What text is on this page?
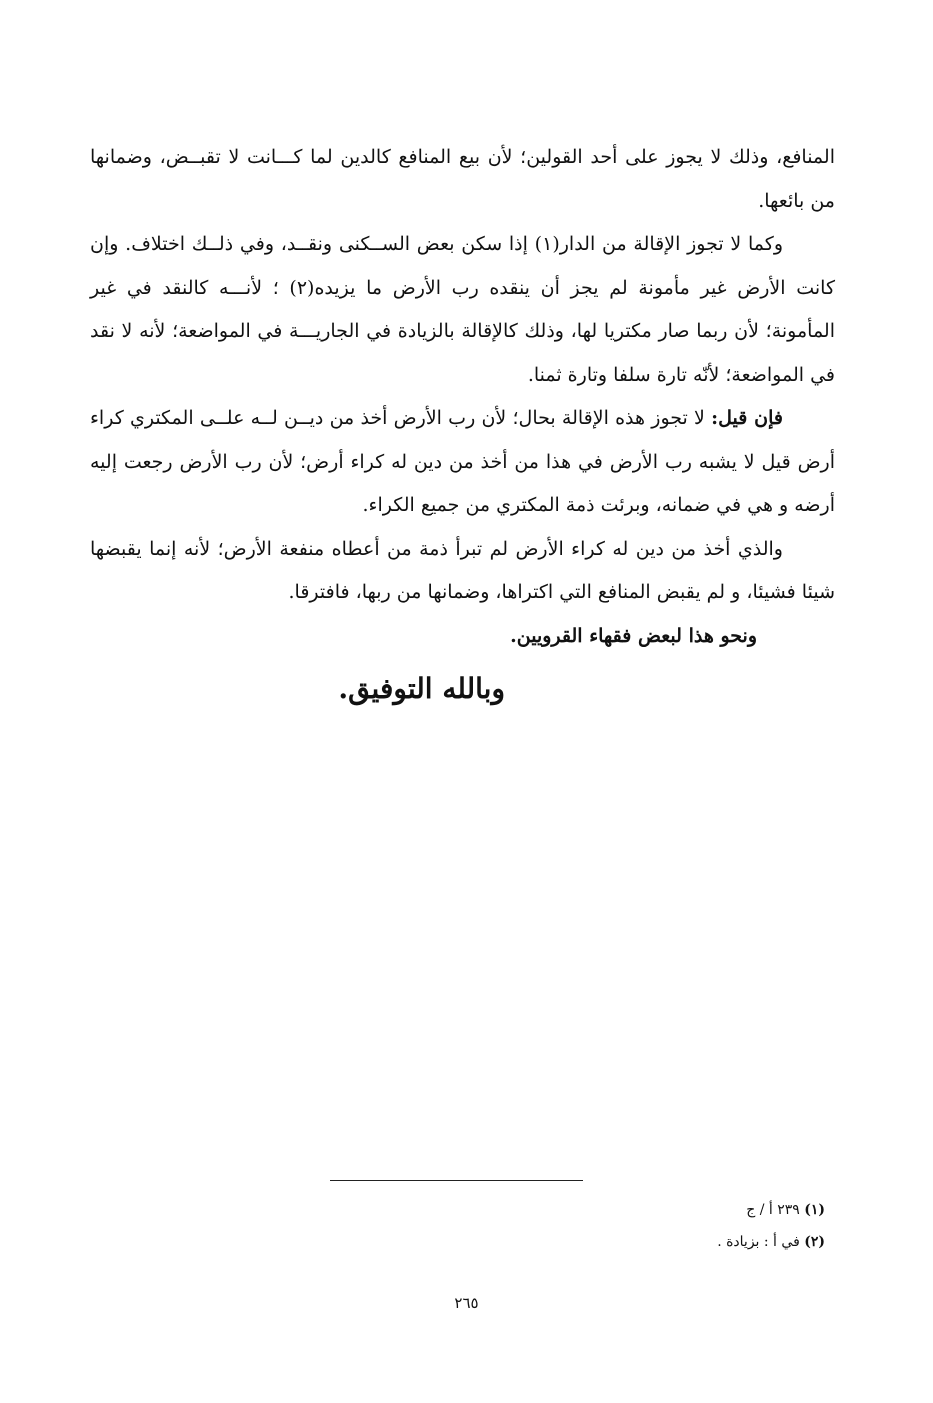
المنافع، وذلك لا يجوز على أحد القولين؛ لأن بيع المنافع كالدين لما كـــانت لا تقبــض، وضمانها من بائعها.

وكما لا تجوز الإقالة من الدار(١) إذا سكن بعض الســكنى ونقــد، وفي ذلــك اختلاف. وإن كانت الأرض غير مأمونة لم يجز أن ينقده رب الأرض ما يزيده(٢) ؛ لأنـــه كالنقد في غير المأمونة؛ لأن ربما صار مكتريا لها، وذلك كالإقالة بالزيادة في الجاريـــة في المواضعة؛ لأنه لا نقد في المواضعة؛ لأنّه تارة سلفا وتارة ثمنا.

فإن قيل: لا تجوز هذه الإقالة بحال؛ لأن رب الأرض أخذ من ديــن لــه علــى المكتري كراء أرض قيل لا يشبه رب الأرض في هذا من أخذ من دين له كراء أرض؛ لأن رب الأرض رجعت إليه أرضه و هي في ضمانه، وبرئت ذمة المكتري من جميع الكراء.

والذي أخذ من دين له كراء الأرض لم تبرأ ذمة من أعطاه منفعة الأرض؛ لأنه إنما يقبضها شيئا فشيئا، و لم يقبض المنافع التي اكتراها، وضمانها من ربها، فافترقا.

ونحو هذا لبعض فقهاء القرويين.

وبالله التوفيق.

(١) ٢٣٩ أ / ج

(٢) في أ : بزيادة .

٢٦٥
